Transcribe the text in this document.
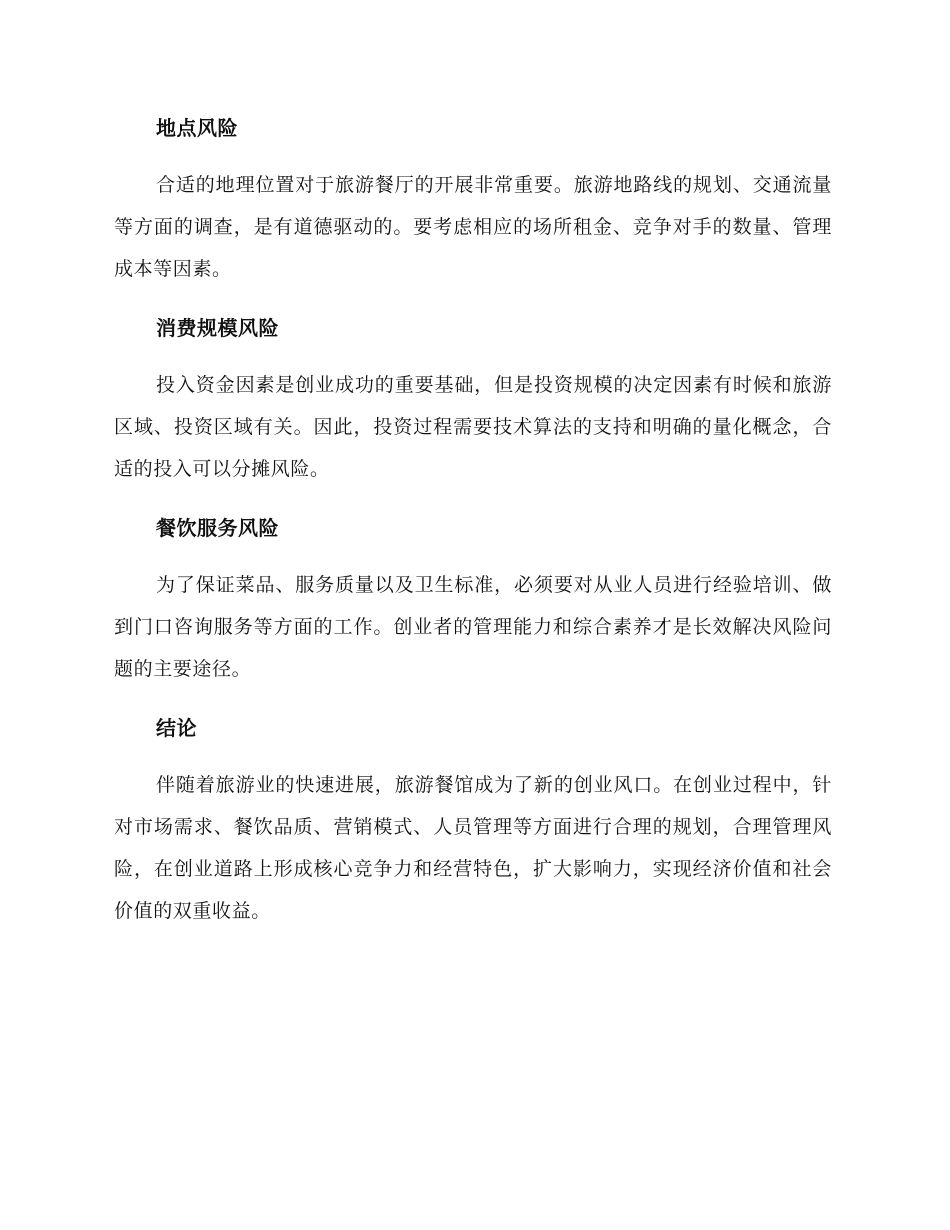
地点风险

合适的地理位置对于旅游餐厅的开展非常重要。旅游地路线的规划、交通流量等方面的调查，是有道德驱动的。要考虑相应的场所租金、竞争对手的数量、管理成本等因素。

消费规模风险

投入资金因素是创业成功的重要基础，但是投资规模的决定因素有时候和旅游区域、投资区域有关。因此，投资过程需要技术算法的支持和明确的量化概念，合适的投入可以分摊风险。

餐饮服务风险

为了保证菜品、服务质量以及卫生标准，必须要对从业人员进行经验培训、做到门口咨询服务等方面的工作。创业者的管理能力和综合素养才是长效解决风险问题的主要途径。

结论

伴随着旅游业的快速进展，旅游餐馆成为了新的创业风口。在创业过程中，针对市场需求、餐饮品质、营销模式、人员管理等方面进行合理的规划，合理管理风险，在创业道路上形成核心竞争力和经营特色，扩大影响力，实现经济价值和社会价值的双重收益。
